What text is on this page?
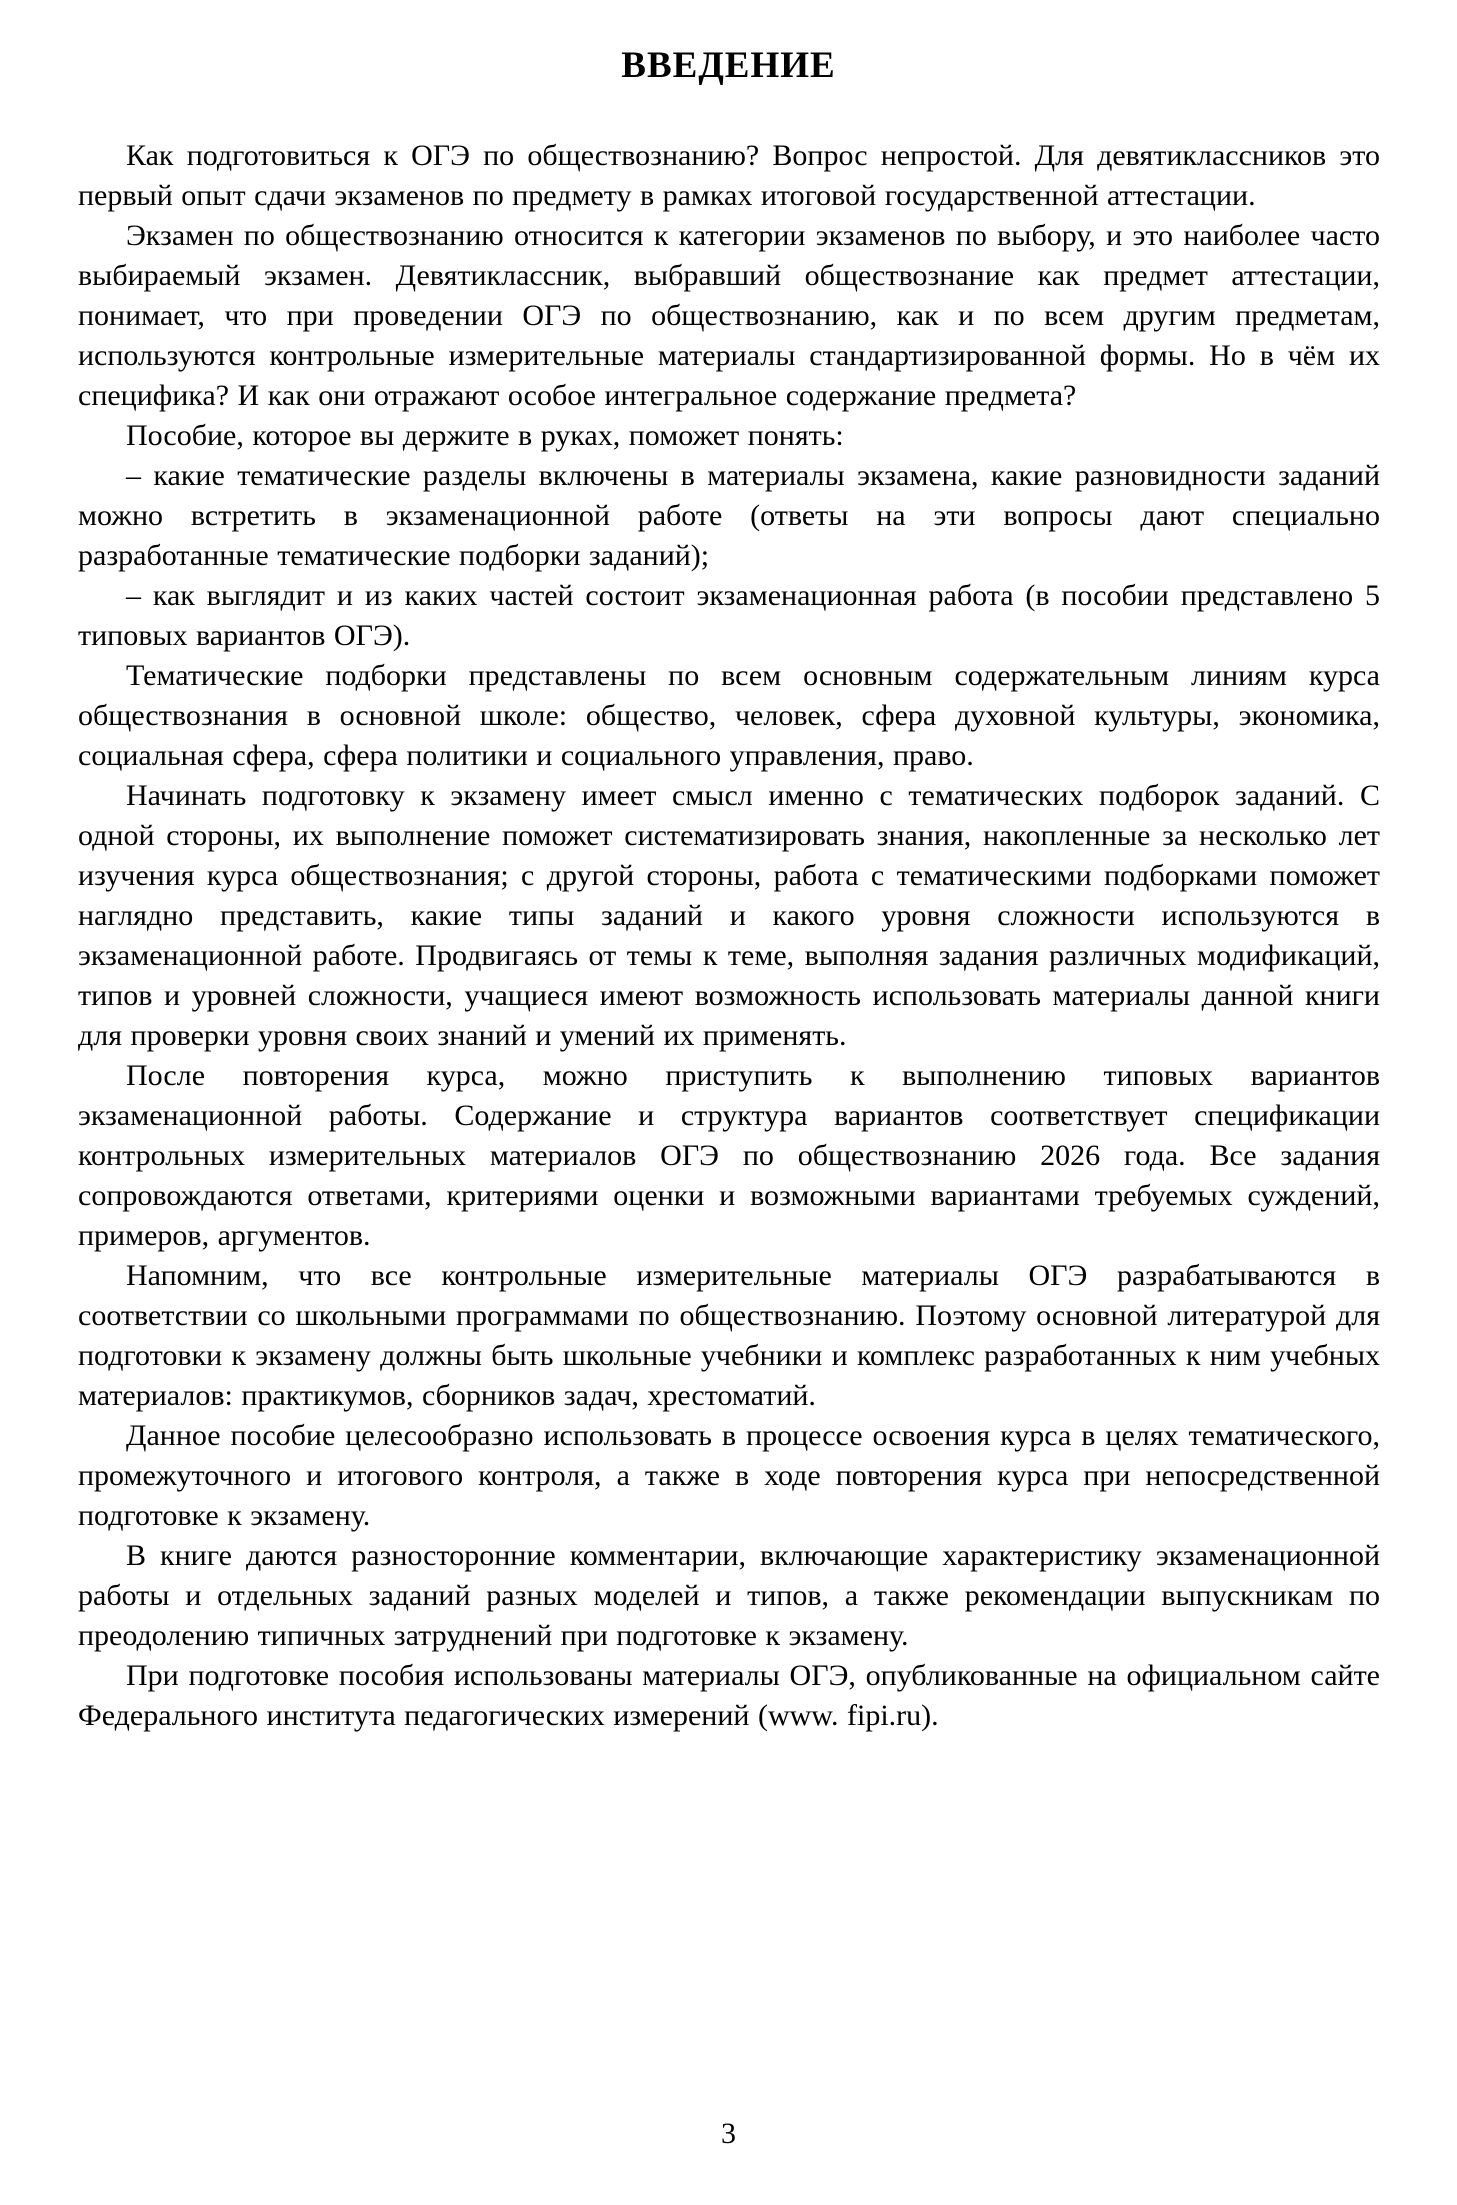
ВВЕДЕНИЕ

Как подготовиться к ОГЭ по обществознанию? Вопрос непростой. Для девятиклассников это первый опыт сдачи экзаменов по предмету в рамках итоговой государственной аттестации.

Экзамен по обществознанию относится к категории экзаменов по выбору, и это наиболее часто выбираемый экзамен. Девятиклассник, выбравший обществознание как предмет аттестации, понимает, что при проведении ОГЭ по обществознанию, как и по всем другим предметам, используются контрольные измерительные материалы стандартизированной формы. Но в чём их специфика? И как они отражают особое интегральное содержание предмета?

Пособие, которое вы держите в руках, поможет понять:

– какие тематические разделы включены в материалы экзамена, какие разновидности заданий можно встретить в экзаменационной работе (ответы на эти вопросы дают специально разработанные тематические подборки заданий);

– как выглядит и из каких частей состоит экзаменационная работа (в пособии представлено 5 типовых вариантов ОГЭ).

Тематические подборки представлены по всем основным содержательным линиям курса обществознания в основной школе: общество, человек, сфера духовной культуры, экономика, социальная сфера, сфера политики и социального управления, право.

Начинать подготовку к экзамену имеет смысл именно с тематических подборок заданий. С одной стороны, их выполнение поможет систематизировать знания, накопленные за несколько лет изучения курса обществознания; с другой стороны, работа с тематическими подборками поможет наглядно представить, какие типы заданий и какого уровня сложности используются в экзаменационной работе. Продвигаясь от темы к теме, выполняя задания различных модификаций, типов и уровней сложности, учащиеся имеют возможность использовать материалы данной книги для проверки уровня своих знаний и умений их применять.

После повторения курса, можно приступить к выполнению типовых вариантов экзаменационной работы. Содержание и структура вариантов соответствует спецификации контрольных измерительных материалов ОГЭ по обществознанию 2026 года. Все задания сопровождаются ответами, критериями оценки и возможными вариантами требуемых суждений, примеров, аргументов.

Напомним, что все контрольные измерительные материалы ОГЭ разрабатываются в соответствии со школьными программами по обществознанию. Поэтому основной литературой для подготовки к экзамену должны быть школьные учебники и комплекс разработанных к ним учебных материалов: практикумов, сборников задач, хрестоматий.

Данное пособие целесообразно использовать в процессе освоения курса в целях тематического, промежуточного и итогового контроля, а также в ходе повторения курса при непосредственной подготовке к экзамену.

В книге даются разносторонние комментарии, включающие характеристику экзаменационной работы и отдельных заданий разных моделей и типов, а также рекомендации выпускникам по преодолению типичных затруднений при подготовке к экзамену.

При подготовке пособия использованы материалы ОГЭ, опубликованные на официальном сайте Федерального института педагогических измерений (www. fipi.ru).

3
